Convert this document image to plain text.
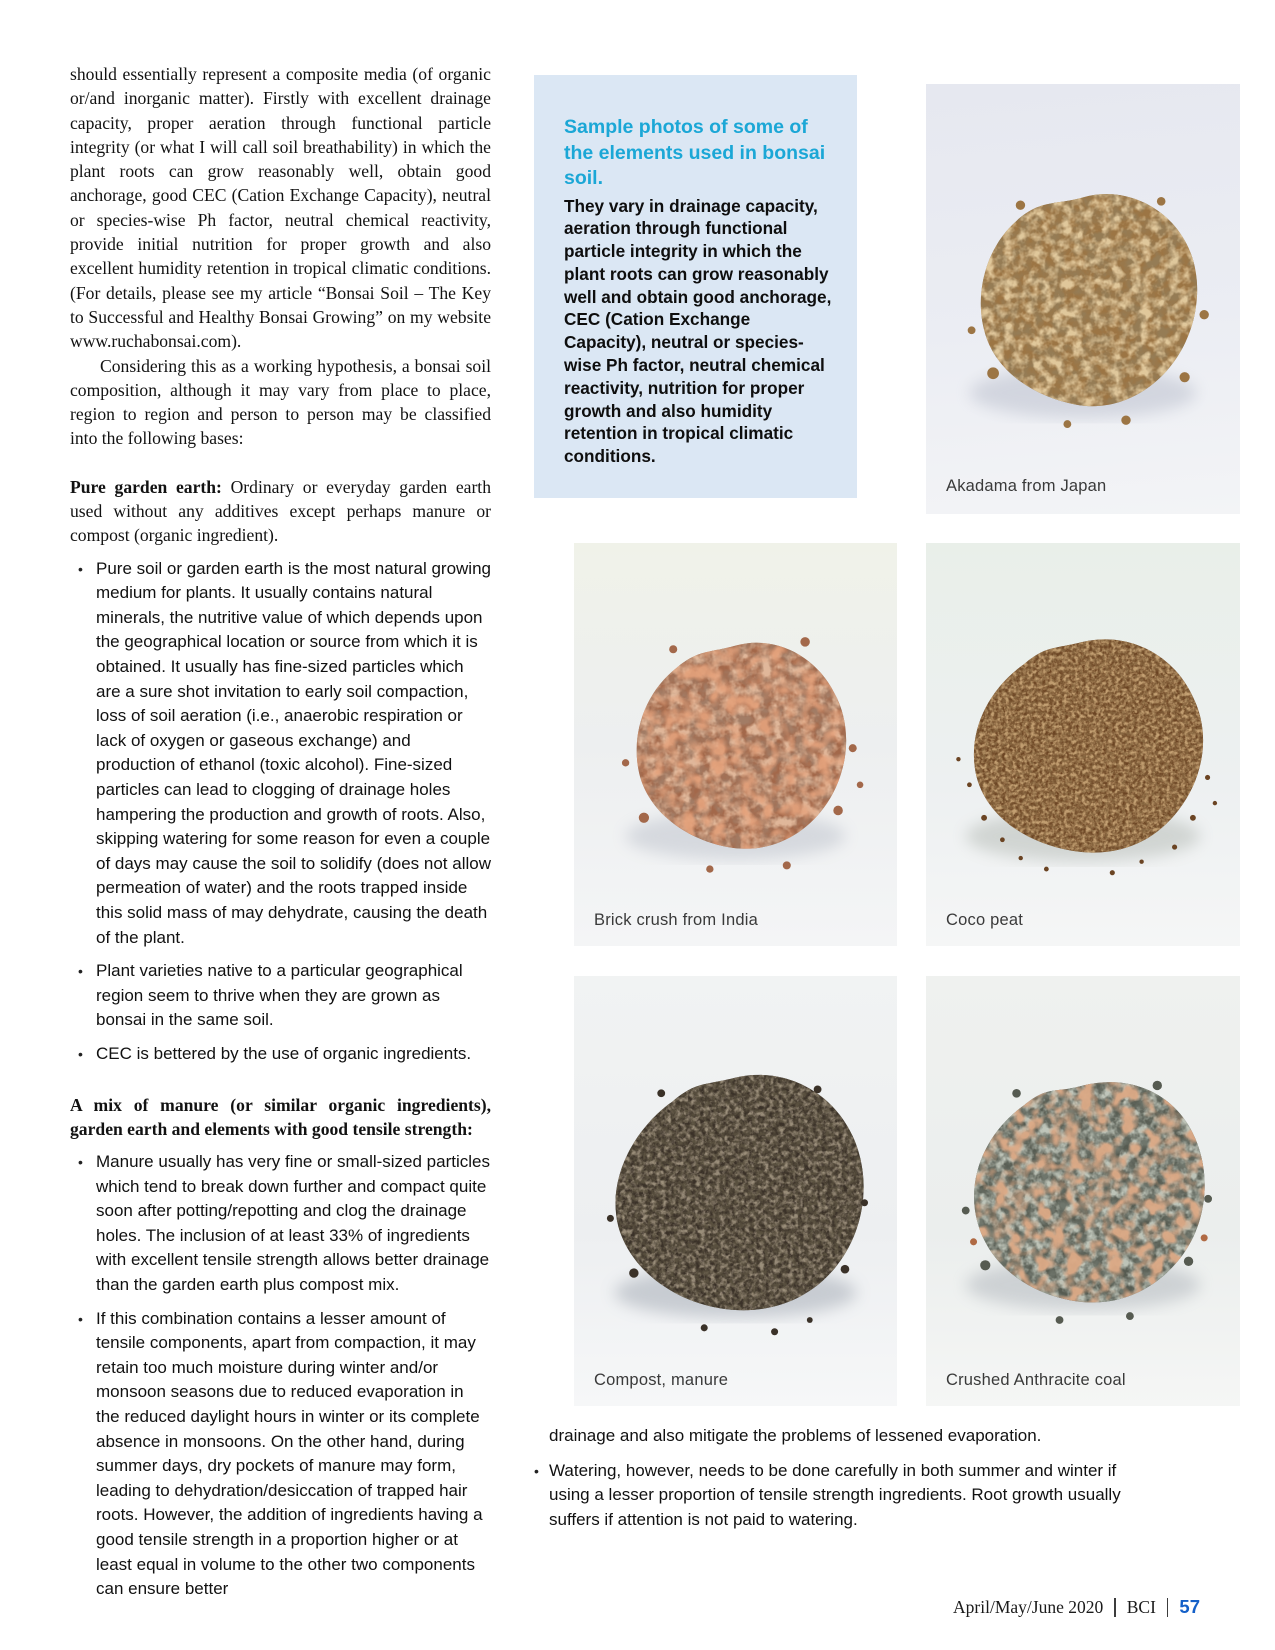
should essentially represent a composite media (of organic or/and inorganic matter). Firstly with excellent drainage capacity, proper aeration through functional particle integrity (or what I will call soil breathability) in which the plant roots can grow reasonably well, obtain good anchorage, good CEC (Cation Exchange Capacity), neutral or species-wise Ph factor, neutral chemical reactivity, provide initial nutrition for proper growth and also excellent humidity retention in tropical climatic conditions. (For details, please see my article “Bonsai Soil – The Key to Successful and Healthy Bonsai Growing” on my website www.ruchabonsai.com).

Considering this as a working hypothesis, a bonsai soil composition, although it may vary from place to place, region to region and person to person may be classified into the following bases:

Pure garden earth: Ordinary or everyday garden earth used without any additives except perhaps manure or compost (organic ingredient).

• Pure soil or garden earth is the most natural growing medium for plants. It usually contains natural minerals, the nutritive value of which depends upon the geographical location or source from which it is obtained. It usually has fine-sized particles which are a sure shot invitation to early soil compaction, loss of soil aeration (i.e., anaerobic respiration or lack of oxygen or gaseous exchange) and production of ethanol (toxic alcohol). Fine-sized particles can lead to clogging of drainage holes hampering the production and growth of roots. Also, skipping watering for some reason for even a couple of days may cause the soil to solidify (does not allow permeation of water) and the roots trapped inside this solid mass of may dehydrate, causing the death of the plant.
• Plant varieties native to a particular geographical region seem to thrive when they are grown as bonsai in the same soil.
• CEC is bettered by the use of organic ingredients.

A mix of manure (or similar organic ingredients), garden earth and elements with good tensile strength:

• Manure usually has very fine or small-sized particles which tend to break down further and compact quite soon after potting/repotting and clog the drainage holes. The inclusion of at least 33% of ingredients with excellent tensile strength allows better drainage than the garden earth plus compost mix.
• If this combination contains a lesser amount of tensile components, apart from compaction, it may retain too much moisture during winter and/or monsoon seasons due to reduced evaporation in the reduced daylight hours in winter or its complete absence in monsoons. On the other hand, during summer days, dry pockets of manure may form, leading to dehydration/desiccation of trapped hair roots. However, the addition of ingredients having a good tensile strength in a proportion higher or at least equal in volume to the other two components can ensure better
Sample photos of some of the elements used in bonsai soil.

They vary in drainage capacity, aeration through functional particle integrity in which the plant roots can grow reasonably well and obtain good anchorage, CEC (Cation Exchange Capacity), neutral or species-wise Ph factor, neutral chemical reactivity, nutrition for proper growth and also humidity retention in tropical climatic conditions.

Akadama from Japan
Brick crush from India	Coco peat
Compost, manure	Crushed Anthracite coal

drainage and also mitigate the problems of lessened evaporation.

• Watering, however, needs to be done carefully in both summer and winter if using a lesser proportion of tensile strength ingredients. Root growth usually suffers if attention is not paid to watering.
April/May/June 2020 BCI 57
